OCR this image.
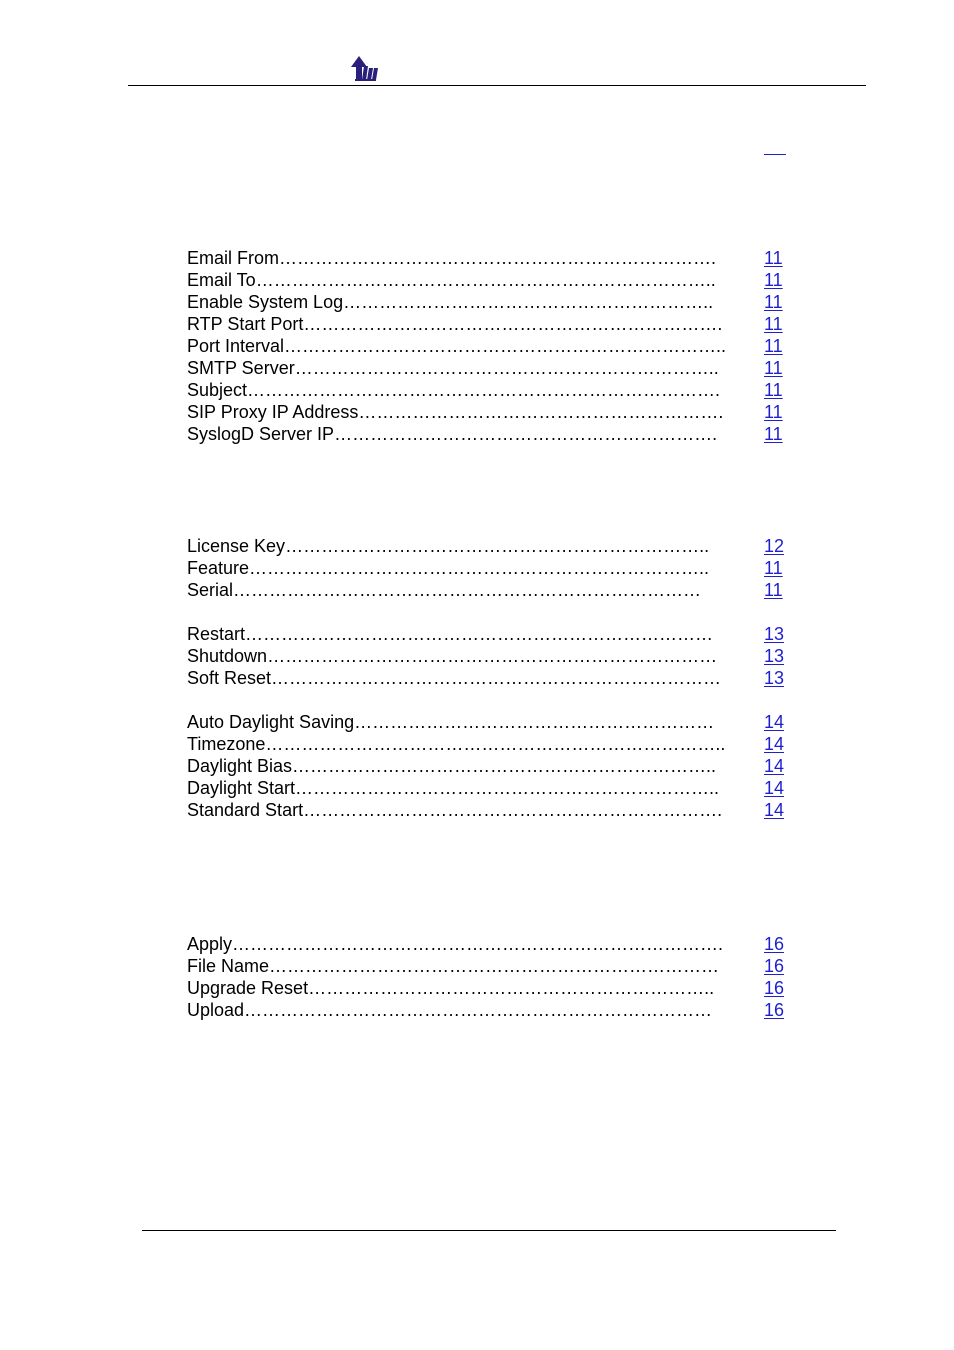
Email From……………………………………………………………….	11
Email To…………………………………………………………………..	11
Enable System Log……………………………………………………..	11
RTP Start Port……………………………………………………………. 11
Port Interval……………………………………………………………….. 11
SMTP Server……………………………………………………………..	11
Subject……………………………………………………………………. 11
SIP Proxy IP Address……………………………………………………. 11
SyslogD Server IP……………………………………………………….	11
License Key……………………………………………………………..	12
Feature…………………………………………………………………..	11
Serial……………………………………………………………………	11
Restart……………………………………………………………………	13
Shutdown…………………………………………………………………	13
Soft Reset………………………………………………………………… 13
Auto Daylight Saving……………………………………………………	14
Timezone………………………………………………………………….. 14
Daylight Bias……………………………………………………………..	14
Daylight Start…………………………………………………………….. 14
Standard Start……………………………………………………………. 14
Apply………………………………………………………………………. 16
File Name………………………………………………………………… 16
Upgrade Reset…………………………………………………………..	16
Upload……………………………………………………………………	16
